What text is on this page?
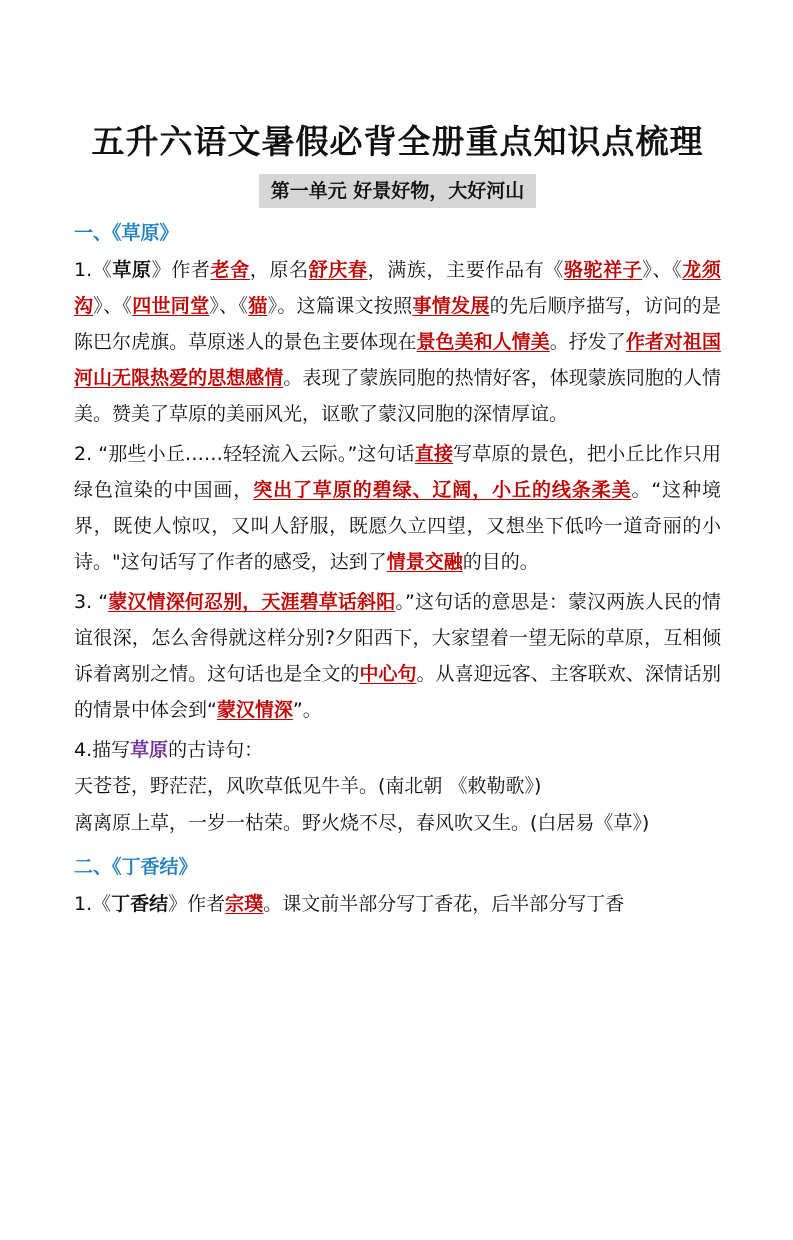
五升六语文暑假必背全册重点知识点梳理
第一单元 好景好物，大好河山
一、《草原》
1.《草原》作者老舍，原名舒庆春，满族，主要作品有《骆驼祥子》、《龙须沟》、《四世同堂》、《猫》。这篇课文按照事情发展的先后顺序描写，访问的是陈巴尔虎旗。草原迷人的景色主要体现在景色美和人情美。抒发了作者对祖国河山无限热爱的思想感情。表现了蒙族同胞的热情好客，体现蒙族同胞的人情美。赞美了草原的美丽风光，讴歌了蒙汉同胞的深情厚谊。
2. “那些小丘……轻轻流入云际。”这句话直接写草原的景色，把小丘比作只用绿色渲染的中国画，突出了草原的碧绿、辽阔，小丘的线条柔美。“这种境界，既使人惊叹，又叫人舒服，既愿久立四望，又想坐下低吟一道奇丽的小诗。"这句话写了作者的感受，达到了情景交融的目的。
3. “蒙汉情深何忍别，天涯碧草话斜阳。”这句话的意思是：蒙汉两族人民的情谊很深，怎么舍得就这样分别?夕阳西下，大家望着一望无际的草原，互相倾诉着离别之情。这句话也是全文的中心句。从喜迎远客、主客联欢、深情话别的情景中体会到“蒙汉情深”。
4.描写草原的古诗句：
天苍苍，野茫茫，风吹草低见牛羊。(南北朝 《敕勒歌》)
离离原上草，一岁一枯荣。野火烧不尽，春风吹又生。(白居易《草》)
二、《丁香结》
1.《丁香结》作者宗璞。课文前半部分写丁香花，后半部分写丁香
